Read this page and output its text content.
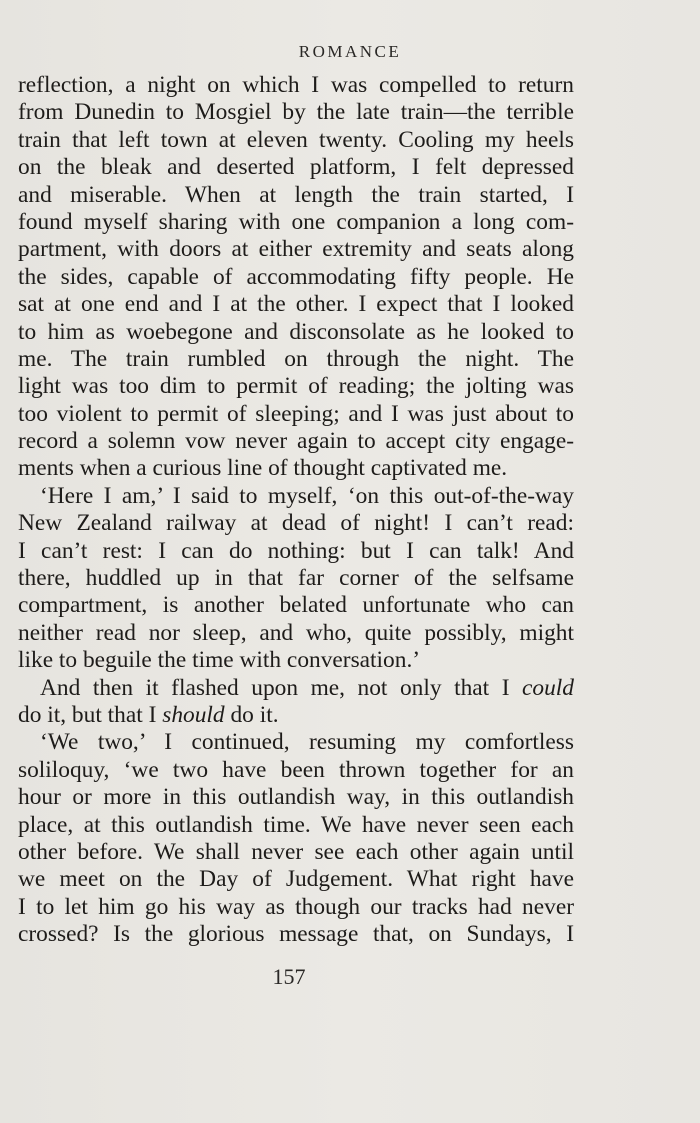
ROMANCE
reflection, a night on which I was compelled to return
from Dunedin to Mosgiel by the late train—the terrible
train that left town at eleven twenty. Cooling my heels
on the bleak and deserted platform, I felt depressed
and miserable. When at length the train started, I
found myself sharing with one companion a long com-
partment, with doors at either extremity and seats along
the sides, capable of accommodating fifty people. He
sat at one end and I at the other. I expect that I looked
to him as woebegone and disconsolate as he looked to
me. The train rumbled on through the night. The
light was too dim to permit of reading; the jolting was
too violent to permit of sleeping; and I was just about to
record a solemn vow never again to accept city engage-
ments when a curious line of thought captivated me.
‘Here I am,’ I said to myself, ‘on this out-of-the-way
New Zealand railway at dead of night! I can’t read:
I can’t rest: I can do nothing: but I can talk! And
there, huddled up in that far corner of the selfsame
compartment, is another belated unfortunate who can
neither read nor sleep, and who, quite possibly, might
like to beguile the time with conversation.’
And then it flashed upon me, not only that I could
do it, but that I should do it.
‘We two,’ I continued, resuming my comfortless
soliloquy, ‘we two have been thrown together for an
hour or more in this outlandish way, in this outlandish
place, at this outlandish time. We have never seen each
other before. We shall never see each other again until
we meet on the Day of Judgement. What right have
I to let him go his way as though our tracks had never
crossed? Is the glorious message that, on Sundays, I
157
